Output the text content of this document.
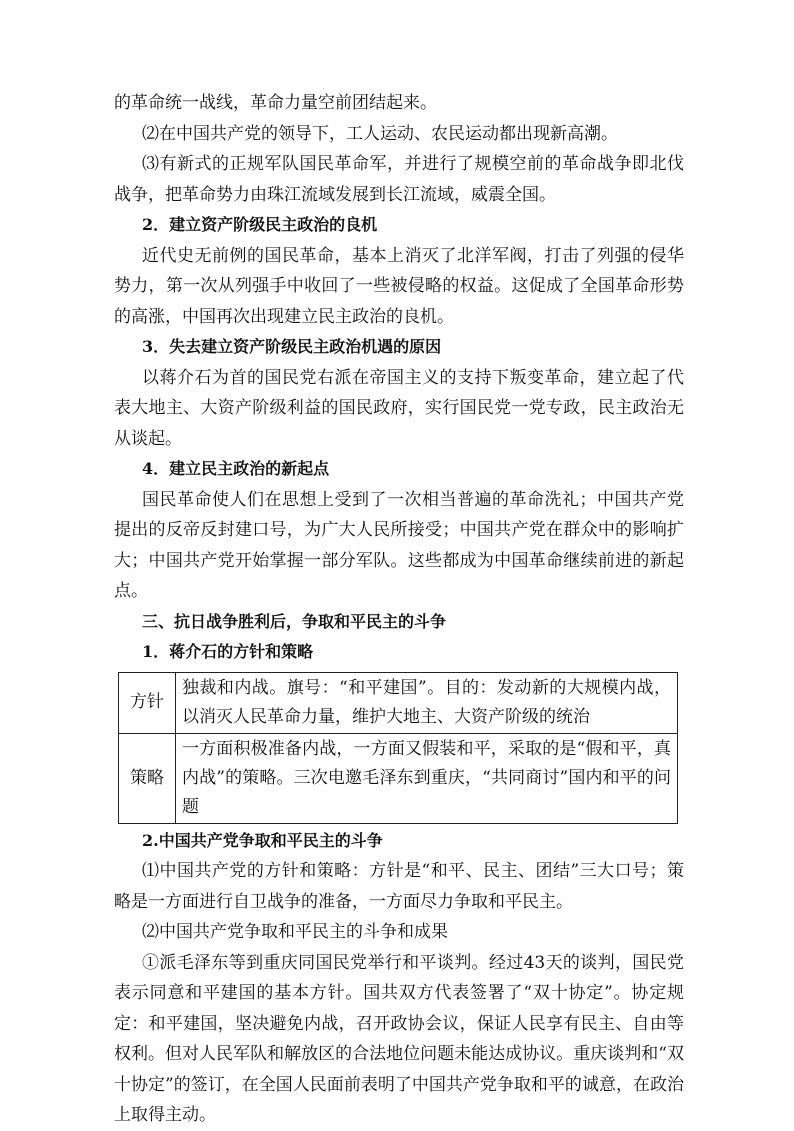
的革命统一战线，革命力量空前团结起来。

⑵在中国共产党的领导下，工人运动、农民运动都出现新高潮。

⑶有新式的正规军队国民革命军，并进行了规模空前的革命战争即北伐战争，把革命势力由珠江流域发展到长江流域，威震全国。

2．建立资产阶级民主政治的良机

近代史无前例的国民革命，基本上消灭了北洋军阀，打击了列强的侵华势力，第一次从列强手中收回了一些被侵略的权益。这促成了全国革命形势的高涨，中国再次出现建立民主政治的良机。

3．失去建立资产阶级民主政治机遇的原因

以蒋介石为首的国民党右派在帝国主义的支持下叛变革命，建立起了代表大地主、大资产阶级利益的国民政府，实行国民党一党专政，民主政治无从谈起。

4．建立民主政治的新起点

国民革命使人们在思想上受到了一次相当普遍的革命洗礼；中国共产党提出的反帝反封建口号，为广大人民所接受；中国共产党在群众中的影响扩大；中国共产党开始掌握一部分军队。这些都成为中国革命继续前进的新起点。

三、抗日战争胜利后，争取和平民主的斗争

1．蒋介石的方针和策略

方针	独裁和内战。旗号：“和平建国”。目的：发动新的大规模内战，以消灭人民革命力量，维护大地主、大资产阶级的统治
策略	一方面积极准备内战，一方面又假装和平，采取的是“假和平，真内战”的策略。三次电邀毛泽东到重庆，“共同商讨”国内和平的问题

2.中国共产党争取和平民主的斗争

⑴中国共产党的方针和策略：方针是“和平、民主、团结”三大口号；策略是一方面进行自卫战争的准备，一方面尽力争取和平民主。

⑵中国共产党争取和平民主的斗争和成果

①派毛泽东等到重庆同国民党举行和平谈判。经过43天的谈判，国民党表示同意和平建国的基本方针。国共双方代表签署了“双十协定”。协定规定：和平建国，坚决避免内战，召开政协会议，保证人民享有民主、自由等权利。但对人民军队和解放区的合法地位问题未能达成协议。重庆谈判和“双十协定”的签订，在全国人民面前表明了中国共产党争取和平的诚意，在政治上取得主动。
